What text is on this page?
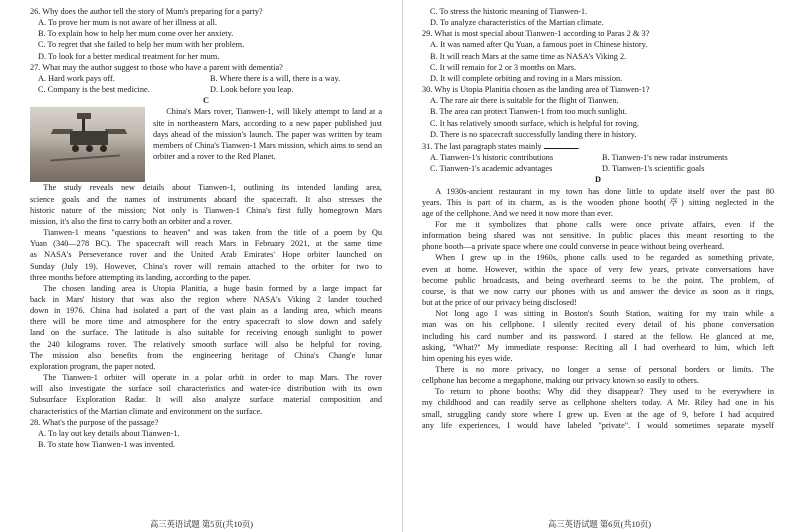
26. Why does the author tell the story of Mum's preparing for a party?
A. To prove her mum is not aware of her illness at all.
B. To explain how to help her mum come over her anxiety.
C. To regret that she failed to help her mum with her problem.
D. To look for a better medical treatment for her mum.
27. What may the author suggest to those who have a parent with dementia?
A. Hard work pays off.	B. Where there is a will, there is a way.
C. Company is the best medicine.	D. Look before you leap.
C
China's Mars rover, Tianwen-1, will likely attempt to land at a
site in northeastern Mars, according to a new paper published just
days ahead of the mission's launch. The paper was written by team
members of China's Tianwen-1 Mars mission, which aims to send an
orbiter and a rover to the Red Planet.
The study reveals new details about Tianwen-1, outlining its intended landing area,
science goals and the names of instruments aboard the spacecraft. It also stresses the
historic nature of the mission; Not only is Tianwen-1 China's first fully homegrown Mars
mission, it's also the first to carry both an orbiter and a rover.
Tianwen-1 means "questions to heaven" and was taken from the title of a poem by Qu
Yuan (340—278 BC). The spacecraft will reach Mars in February 2021, at the same time
as NASA's Perseverance rover and the United Arab Emirates' Hope orbiter launched on
Sunday (July 19). However, China's rover will remain attached to the orbiter for two to
three months before attempting its landing, according to the paper.
The chosen landing area is Utopia Planitia, a huge basin formed by a large impact far
back in Mars' history that was also the region where NASA's Viking 2 lander touched
down in 1976. China had isolated a part of the vast plain as a landing area, which means
there will be more time and atmosphere for the entry spacecraft to slow down and safely
land on the surface. The latitude is also suitable for receiving enough sunlight to power
the 240 kilograms rover. The relatively smooth surface will also be helpful for roving.
The mission also benefits from the engineering heritage of China's Chang'e lunar
exploration program, the paper noted.
The Tianwen-1 orbiter will operate in a polar orbit in order to map Mars. The rover
will also investigate the surface soil characteristics and water-ice distribution with its own
Subsurface Exploration Radar. It will also analyze surface material composition and
characteristics of the Martian climate and environment on the surface.
28. What's the purpose of the passage?
A. To lay out key details about Tianwen-1.
B. To state how Tianwen-1 was invented.
C. To stress the historic meaning of Tianwen-1.
D. To analyze characteristics of the Martian climate.
29. What is most special about Tianwen-1 according to Paras 2 & 3?
A. It was named after Qu Yuan, a famous poet in Chinese history.
B. It will reach Mars at the same time as NASA's Viking 2.
C. It will remain for 2 or 3 months on Mars.
D. It will complete orbiting and roving in a Mars mission.
30. Why is Utopia Planitia chosen as the landing area of Tianwen-1?
A. The rare air there is suitable for the flight of Tianwen.
B. The area can protect Tianwen-1 from too much sunlight.
C. It has relatively smooth surface, which is helpful for roving.
D. There is no spacecraft successfully landing there in history.
31. The last paragraph states mainly	.
A. Tianwen-1's historic contributions	B. Tianwen-1's new radar instruments
C. Tianwen-1's academic advantages	D. Tianwen-1's scientific goals
D
A 1930s-ancient restaurant in my town has done little to update itself over the past 80
years. This is part of its charm, as is the wooden phone booth(亭) sitting neglected in the
age of the cellphone. And we need it now more than ever.
For me it symbolizes that phone calls were once private affairs, even if the
information being shared was not sensitive. In public places this meant resorting to the
phone booth—a private space where one could converse in peace without being overheard.
When I grew up in the 1960s, phone calls used to be regarded as something private,
even at home. However, within the space of very few years, private conversations have
become public broadcasts, and being overheard seems to be the point. The problem, of
course, is that we now carry our phones with us and answer the device as soon as it rings,
but at the price of our privacy being disclosed!
Not long ago I was sitting in Boston's South Station, waiting for my train while a
man was on his cellphone. I silently recited every detail of his phone conversation
including his card number and its password. I stared at the fellow. He glanced at me,
asking, "What?" My immediate response: Reciting all I had overheard to him, which left
him opening his eyes wide.
There is no more privacy, no longer a sense of personal borders or limits. The
cellphone has become a megaphone, making our privacy known so easily to others.
To return to phone booths: Why did they disappear? They used to be everywhere in
my childhood and can readily serve as cellphone shelters today. A Mr. Riley had one in his
small, struggling candy store where I grew up. Even at the age of 9, before I had acquired
any life experiences, I would have labeled "private". I would sometimes separate myself
高三英语试题 第5页(共10页)	高三英语试题 第6页(共10页)
